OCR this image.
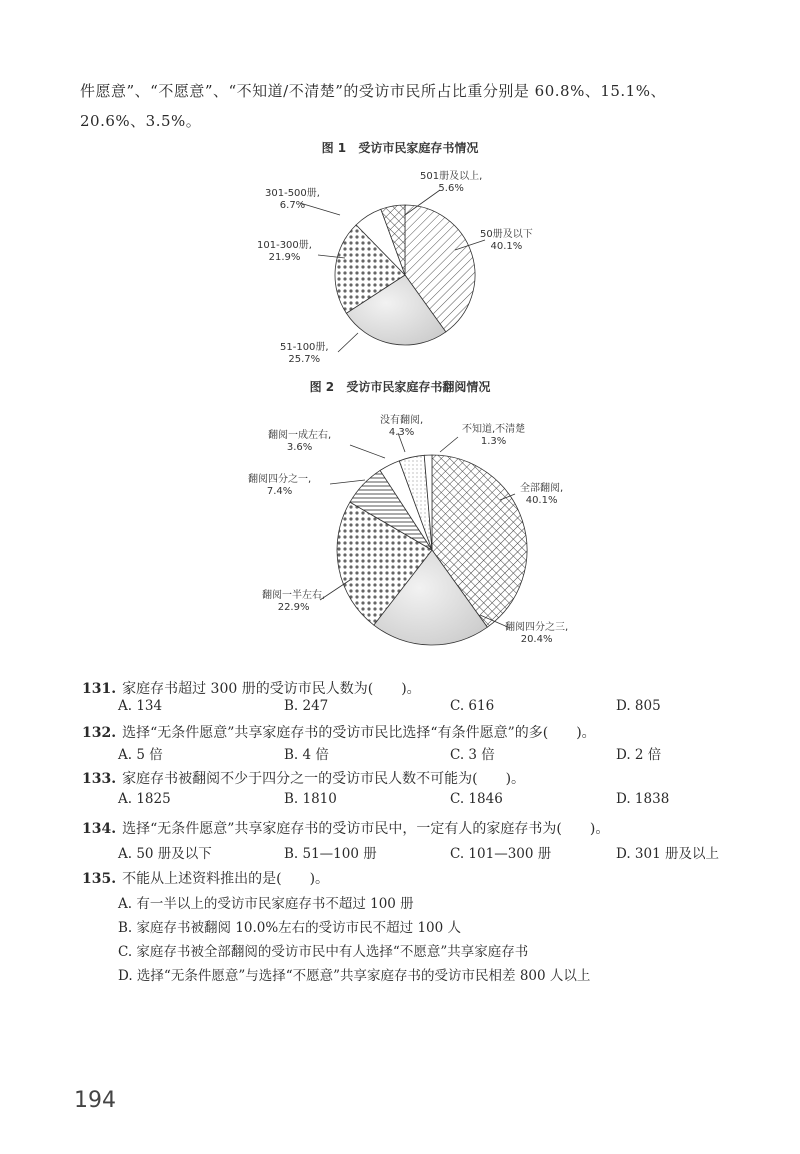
件愿意”、“不愿意”、“不知道/不清楚”的受访市民所占比重分别是 60.8%、15.1%、
20.6%、3.5%。
图 1 受访市民家庭存书情况
图 2 受访市民家庭存书翻阅情况
501册及以上,
5.6%
50册及以下
40.1%
301-500册,
6.7%
101-300册,
21.9%
51-100册,
25.7%
翻阅一成左右,
3.6%
没有翻阅,
4.3%	不知道,不清楚
1.3%
翻阅四分之一,
7.4%	全部翻阅,
40.1%
翻阅一半左右,
22.9%
翻阅四分之三,
20.4%
131. 家庭存书超过 300 册的受访市民人数为(　　)。
A. 134	B. 247	C. 616	D. 805
132. 选择“无条件愿意”共享家庭存书的受访市民比选择“有条件愿意”的多(　　)。
A. 5 倍	B. 4 倍	C. 3 倍	D. 2 倍
133. 家庭存书被翻阅不少于四分之一的受访市民人数不可能为(　　)。
A. 1825	B. 1810	C. 1846	D. 1838
134. 选择“无条件愿意”共享家庭存书的受访市民中，一定有人的家庭存书为(　　)。
A. 50 册及以下	B. 51—100 册	C. 101—300 册	D. 301 册及以上
135. 不能从上述资料推出的是(　　)。
A. 有一半以上的受访市民家庭存书不超过 100 册
B. 家庭存书被翻阅 10.0%左右的受访市民不超过 100 人
C. 家庭存书被全部翻阅的受访市民中有人选择“不愿意”共享家庭存书
D. 选择“无条件愿意”与选择“不愿意”共享家庭存书的受访市民相差 800 人以上
194
